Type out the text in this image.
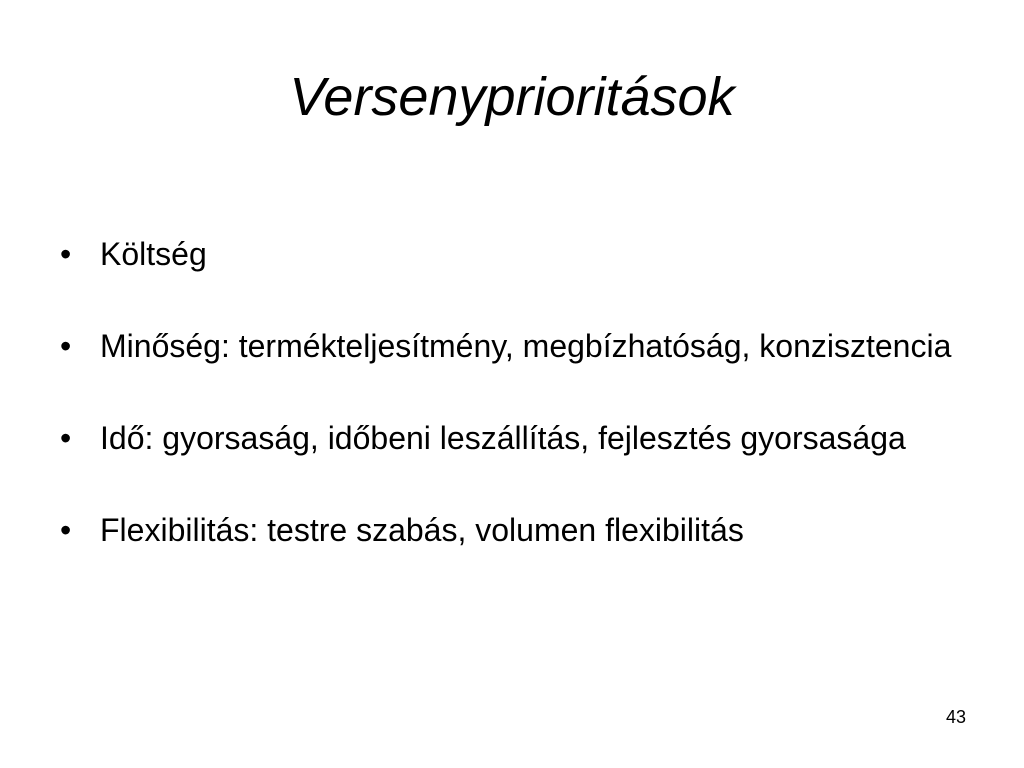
Versenyprioritások
• Költség
• Minőség: termékteljesítmény, megbízhatóság, konzisztencia
• Idő: gyorsaság, időbeni leszállítás, fejlesztés gyorsasága
• Flexibilitás: testre szabás, volumen flexibilitás
43
